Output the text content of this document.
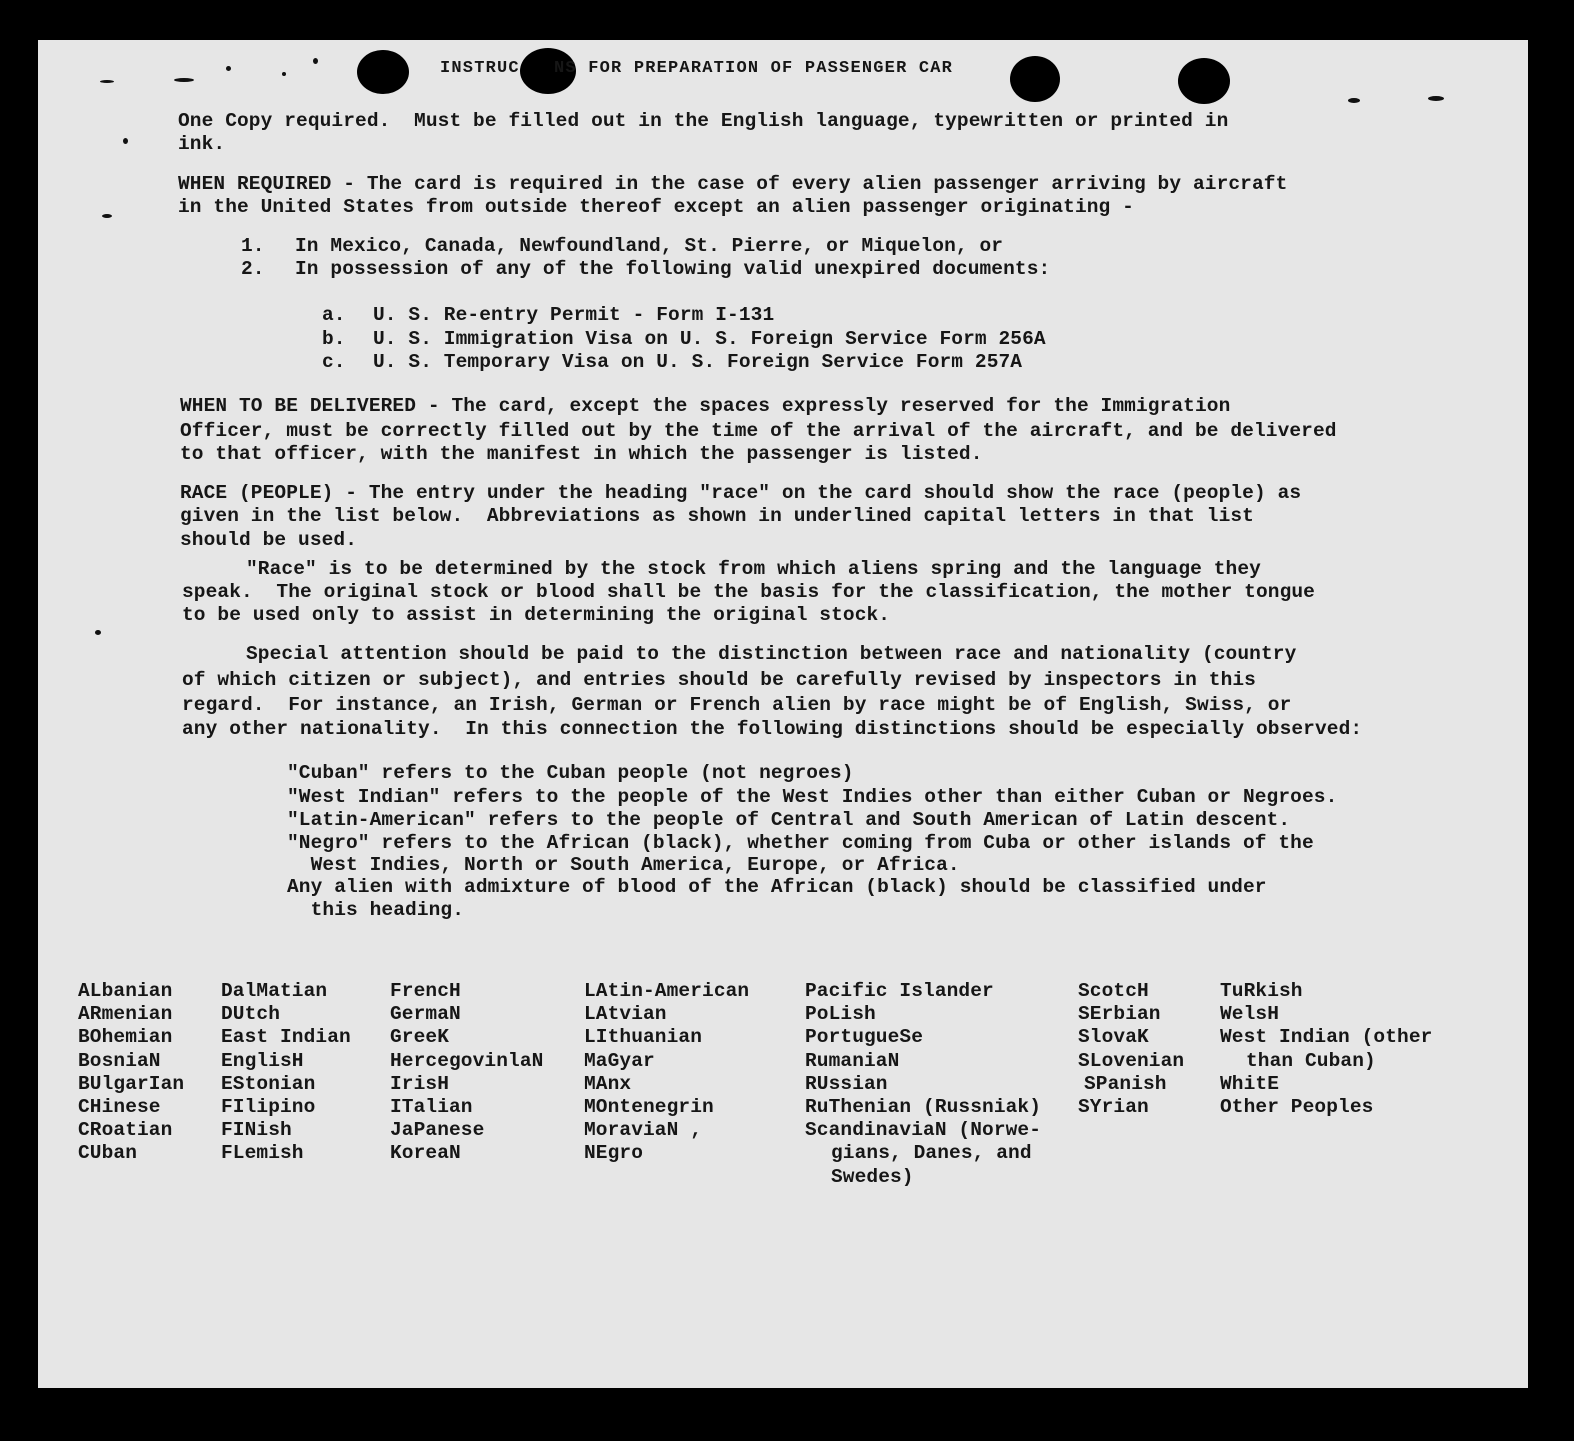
INSTRUC   NS FOR PREPARATION OF PASSENGER CAR

One Copy required.  Must be filled out in the English language, typewritten or printed in

ink.

WHEN REQUIRED - The card is required in the case of every alien passenger arriving by aircraft

in the United States from outside thereof except an alien passenger originating -

1. In Mexico, Canada, Newfoundland, St. Pierre, or Miquelon, or

2. In possession of any of the following valid unexpired documents:

a. U. S. Re-entry Permit - Form I-131

b. U. S. Immigration Visa on U. S. Foreign Service Form 256A

c. U. S. Temporary Visa on U. S. Foreign Service Form 257A

WHEN TO BE DELIVERED - The card, except the spaces expressly reserved for the Immigration

Officer, must be correctly filled out by the time of the arrival of the aircraft, and be delivered

to that officer, with the manifest in which the passenger is listed.

RACE (PEOPLE) - The entry under the heading "race" on the card should show the race (people) as

given in the list below.  Abbreviations as shown in underlined capital letters in that list

should be used.

"Race" is to be determined by the stock from which aliens spring and the language they

speak.  The original stock or blood shall be the basis for the classification, the mother tongue

to be used only to assist in determining the original stock.

Special attention should be paid to the distinction between race and nationality (country

of which citizen or subject), and entries should be carefully revised by inspectors in this

regard.  For instance, an Irish, German or French alien by race might be of English, Swiss, or

any other nationality.  In this connection the following distinctions should be especially observed:

"Cuban" refers to the Cuban people (not negroes)

"West Indian" refers to the people of the West Indies other than either Cuban or Negroes.

"Latin-American" refers to the people of Central and South American of Latin descent.

"Negro" refers to the African (black), whether coming from Cuba or other islands of the

West Indies, North or South America, Europe, or Africa.

Any alien with admixture of blood of the African (black) should be classified under

this heading.

ALbanian
ARmenian
BOhemian
BosniaN
BUlgarIan
CHinese
CRoatian
CUban
DalMatian
DUtch
East Indian
EnglisH
EStonian
FIlipino
FINish
FLemish
FrencH
GermaN
GreeK
HercegovinlaN
IrisH
ITalian
JaPanese
KoreaN
LAtin-American
LAtvian
LIthuanian
MaGyar
MAnx
MOntenegrin
MoraviaN ,
NEgro
Pacific Islander
PoLish
PortugueSe
RumaniaN
RUssian
RuThenian (Russniak)
ScandinaviaN (Norwe-
gians, Danes, and
Swedes)
ScotcH
SErbian
SlovaK
SLovenian
SPanish
SYrian
TuRkish
WelsH
West Indian (other
than Cuban)
WhitE
Other Peoples
